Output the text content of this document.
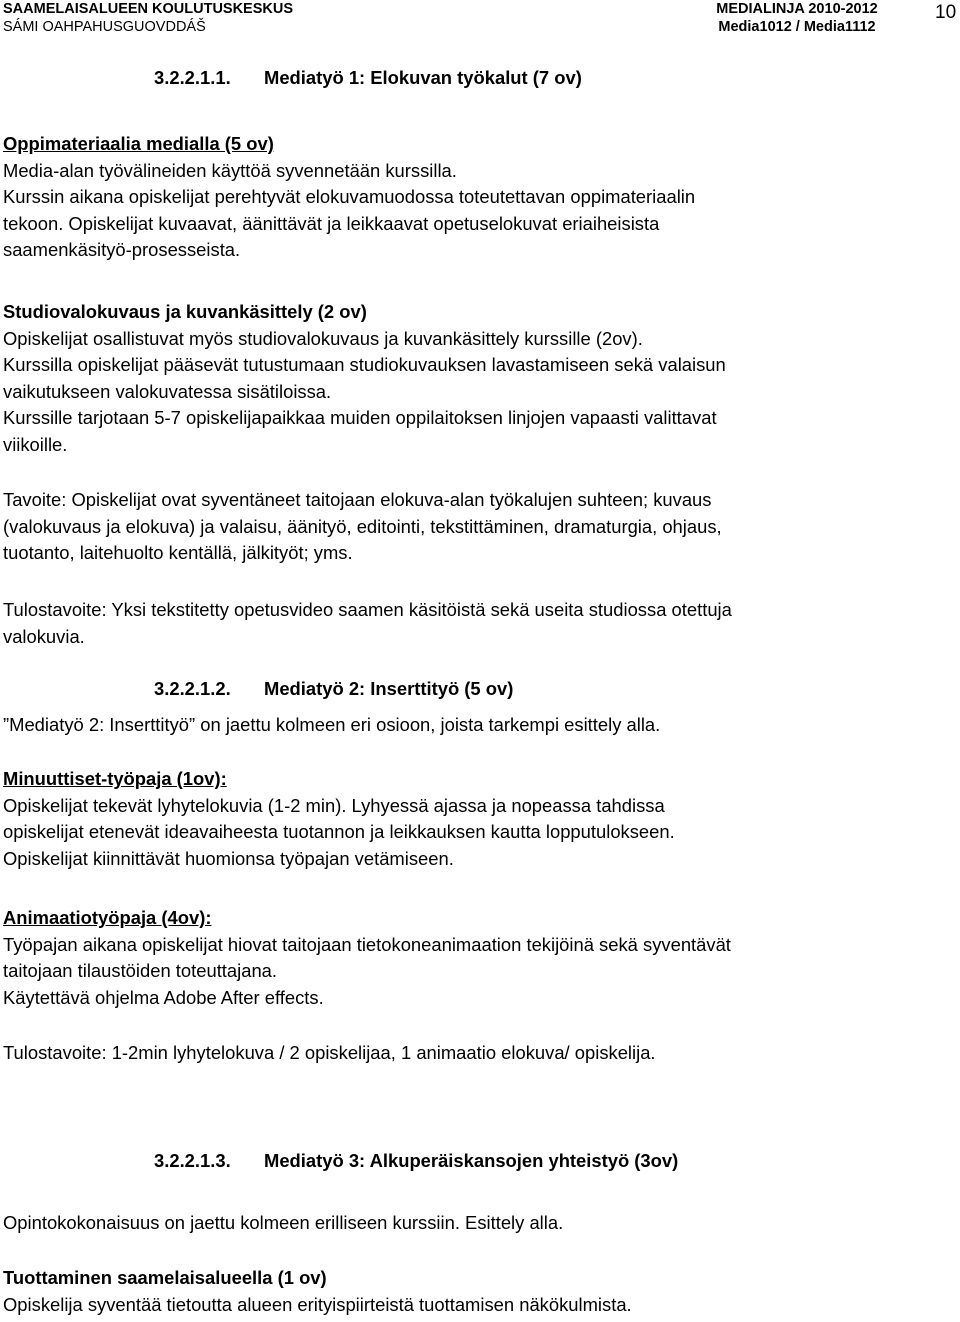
SAAMELAISALUEEN KOULUTUSKESKUS
SÁMI OAHPAHUSGUOVDDÁŠ
MEDIALINJA 2010-2012
Media1012 / Media1112
10
3.2.2.1.1. Mediatyö 1: Elokuvan työkalut (7 ov)

Oppimateriaalia medialla (5 ov)

Media-alan työvälineiden käyttöä syvennetään kurssilla.

Kurssin aikana opiskelijat perehtyvät elokuvamuodossa toteutettavan oppimateriaalin

tekoon. Opiskelijat kuvaavat, äänittävät ja leikkaavat opetuselokuvat eriaiheisista

saamenkäsityö-prosesseista.

Studiovalokuvaus ja kuvankäsittely (2 ov)

Opiskelijat osallistuvat myös studiovalokuvaus ja kuvankäsittely kurssille (2ov).

Kurssilla opiskelijat pääsevät tutustumaan studiokuvauksen lavastamiseen sekä valaisun

vaikutukseen valokuvatessa sisätiloissa.

Kurssille tarjotaan 5-7 opiskelijapaikkaa muiden oppilaitoksen linjojen vapaasti valittavat

viikoille.

Tavoite: Opiskelijat ovat syventäneet taitojaan elokuva-alan työkalujen suhteen; kuvaus

(valokuvaus ja elokuva) ja valaisu, äänityö, editointi, tekstittäminen, dramaturgia, ohjaus,

tuotanto, laitehuolto kentällä, jälkityöt; yms.

Tulostavoite: Yksi tekstitetty opetusvideo saamen käsitöistä sekä useita studiossa otettuja

valokuvia.

3.2.2.1.2. Mediatyö 2: Inserttityö (5 ov)
”Mediatyö 2: Inserttityö” on jaettu kolmeen eri osioon, joista tarkempi esittely alla.

Minuuttiset-työpaja (1ov):

Opiskelijat tekevät lyhytelokuvia (1-2 min). Lyhyessä ajassa ja nopeassa tahdissa

opiskelijat etenevät ideavaiheesta tuotannon ja leikkauksen kautta lopputulokseen.

Opiskelijat kiinnittävät huomionsa työpajan vetämiseen.

Animaatiotyöpaja (4ov):

Työpajan aikana opiskelijat hiovat taitojaan tietokoneanimaation tekijöinä sekä syventävät

taitojaan tilaustöiden toteuttajana.

Käytettävä ohjelma Adobe After effects.

Tulostavoite: 1-2min lyhytelokuva / 2 opiskelijaa, 1 animaatio elokuva/ opiskelija.

3.2.2.1.3. Mediatyö 3: Alkuperäiskansojen yhteistyö (3ov)

Opintokokonaisuus on jaettu kolmeen erilliseen kurssiin. Esittely alla.

Tuottaminen saamelaisalueella (1 ov)

Opiskelija syventää tietoutta alueen erityispiirteistä tuottamisen näkökulmista.
